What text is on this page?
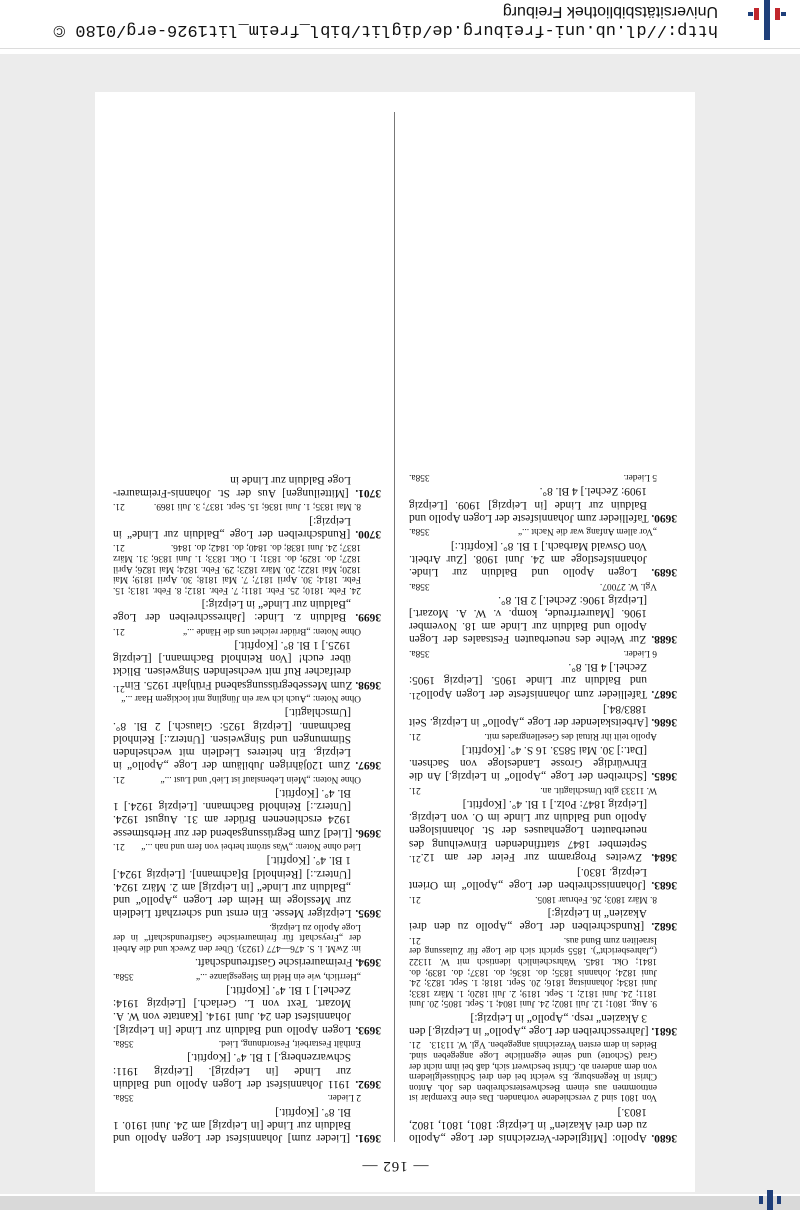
http://dl.ub.uni-freiburg.de/diglit/bibl_freim_lit1926-erg/0180 © Universitätsbibliothek Freiburg
— 162 —
3680. Apollo: [Mitglieder-Verzeichnis der Loge „Apollo zu den drei Akazien“ in Leipzig: 1801, 1801, 1802, 1803.]
Von 1801 sind 2 verschiedene vorhanden. Das eine Exemplar ist entnommen aus einem Beschwesterschreiben des Joh. Anton Christ in Regensburg. Es weicht bei den drei Schlüsselgliedern von dem anderen ab. Christ beschwert sich, daß bei ihm nicht der Grad (Schotte) und seine eigentliche Loge angegeben sind. Beides in dem ersten Verzeichnis angegeben. Vgl. W. 11313.
21.
3681. [Jahresschreiben der Loge „Apollo“ in Leipzig.] den 3 Akazien“ resp. „Apollo“ in Leipzig:]
9. Aug. 1801; 12. Juli 1802; 24. Juni 1804; 1. Sept. 1805; 20. Juni 1811; 24. Juni 1812; 1. Sept. 1819; 2. Juli 1820; 1. März 1833; Juni 1834; Johannistag 1816; 20. Sept. 1818; 1. Sept. 1823; 24. Juni 1824; Johannis 1835; do. 1836; do. 1837; do. 1839; do. 1841; Okt. 1845. Wahrscheinlich identisch mit W. 11322 („Jahresbericht“). 1855 spricht sich die Loge für Zulassung der Israeliten zum Bund aus.
21.
3682. [Rundschreiben der Loge „Apollo zu den drei Akazien“ in Leipzig:]
8. März 1803; 26. Februar 1805.
21.
3683. [Johannisschreiben der Loge „Apollo“ im Orient Leipzig. 1830.]
21.	3684. Zweites Programm zur Feier der am 12. September 1847 stattfindenden Einweihung des neuerbauten Logenhauses der St. Johannislogen Apollo und Balduin zur Linde im O. von Leipzig. [Leipzig 1847: Polz.] 1 Bl. 4°. [Kopftit.]
W. 11333 gibt Umschlagtit. an.
21.
3685. [Schreiben der Loge „Apollo“ in Leipzig.] An die Ehrwürdige Grosse Landesloge von Sachsen. [Dat.:] 30. Mai 5853. 16 S. 4°. [Kopftit.]
Apollo teilt ihr Ritual des Gesellengrades mit.
21.
3686. [Arbeitskalender der Loge „Apollo“ in Leipzig. Seit 1883/84.]
21.	3687. Tafellieder zum Johannisfeste der Logen Apollo und Balduin zur Linde 1905. [Leipzig 1905: Zechel.] 4 Bl. 8°.
6 Lieder.
358a.
3688. Zur Weihe des neuerbauten Festsaales der Logen Apollo und Balduin zur Linde am 18. November 1906. [Maurerfreude, komp. v. W. A. Mozart.] [Leipzig 1906: Zechel.] 2 Bl. 8°.
Vgl. W. 27007.
358a.
3689. Logen Apollo und Balduin zur Linde. Johannisfestloge am 24. Juni 1908. [Zur Arbeit. Von Oswald Marbach.] 1 Bl. 8°. [Kopftit.:]
„Vor allem Anfang war die Nacht ...“
358a.
3690. Tafellieder zum Johannisfeste der Logen Apollo und Balduin zur Linde [in Leipzig] 1909. [Leipzig 1909: Zechel.] 4 Bl. 8°.
5 Lieder.
358a.
3691. [Lieder zum] Johannisfest der Logen Apollo und Balduin zur Linde [in Leipzig] am 24. Juni 1910. 1 Bl. 8°. [Kopftit.]
2 Lieder.
358a.
3692. 1911 Johannisfest der Logen Apollo und Balduin zur Linde [in Leipzig]. [Leipzig 1911: Schwarzenberg.] 1 Bl. 4°. [Kopftit.]
Enthält Festarbeit, Festordnung, Lied.
358a.
3693. Logen Apollo und Balduin zur Linde [in Leipzig]. Johannisfest den 24. Juni 1914. [Kantate von W. A. Mozart. Text von L. Gerlach.] [Leipzig 1914: Zechel.] 1 Bl. 4°. [Kopftit.]
„Herrlich, wie ein Held im Siegesglanze ...“
358a.
3694. Freimaurerische Gastfreundschaft.
in: ZwM. i. S. 476—477 (1923). Über den Zweck und die Arbeit der „Freyschaft für freimaurerische Gastfreundschaft“ in der Loge Apollo zu Leipzig.
3695. Leipziger Messe. Ein ernst und scherzhaft Liedlein zur Messloge im Heim der Logen „Apollo“ und „Balduin zur Linde“ [in Leipzig] am 2. März 1924. [Unterz.:] [Reinhold] B[achmann]. [Leipzig 1924.] 1 Bl. 4°. [Kopftit.]
Lied ohne Noten: „Was strömt herbei von fern und nah ...“
21.
3696. [Lied] Zum Begrüssungsabend der zur Herbstmesse 1924 erschienenen Brüder am 31. August 1924. [Unterz.:] Reinhold Bachmann. [Leipzig 1924.] 1 Bl. 4°. [Kopftit.]
Ohne Noten: „Mein Lebenslauf ist Lieb’ und Lust ...“
21.
3697. Zum 120jährigen Jubiläum der Loge „Apollo“ in Leipzig. Ein heiteres Liedlein mit wechselnden Stimmungen und Singweisen. [Unterz.:] Reinhold Bachmann. [Leipzig 1925: Glausch.] 2 Bl. 8°. [Umschlagtit.]
Ohne Noten: „Auch ich war ein Jüngling mit lockigem Haar ...“
21.	3698. Zum Messebegrüssungsabend Frühjahr 1925. Ein dreifacher Ruf mit wechselnden Singweisen. Blickt über euch! [Von Reinhold Bachmann.] [Leipzig 1925.] 1 Bl. 8°. [Kopftit.]
Ohne Noten: „Brüder reichet uns die Hände ...“
21.
3699. Balduin z. Linde: [Jahresschreiben der Loge „Balduin zur Linde“ in Leipzig:]
24. Febr. 1810; 25. Febr. 1811; 7. Febr. 1812; 8. Febr. 1813; 15. Febr. 1814; 30. April 1817; 7. Mai 1818; 30. April 1819; Mai 1820; Mai 1822; 20. März 1823; 29. Febr. 1824; Mai 1826; April 1827; do. 1829; do. 1831; 1. Okt. 1833; 1. Juni 1836; 31. März 1837; 24. Juni 1838; do. 1840; do. 1842; do. 1846.
21.
3700. [Rundschreiben der Loge „Balduin zur Linde“ in Leipzig:]
8. Mai 1835; 1. Juni 1836; 15. Sept. 1837; 3. Juli 1869.
21.
3701. [Mitteilungen] Aus der St. Johannis-Freimaurer-Loge Balduin zur Linde in
